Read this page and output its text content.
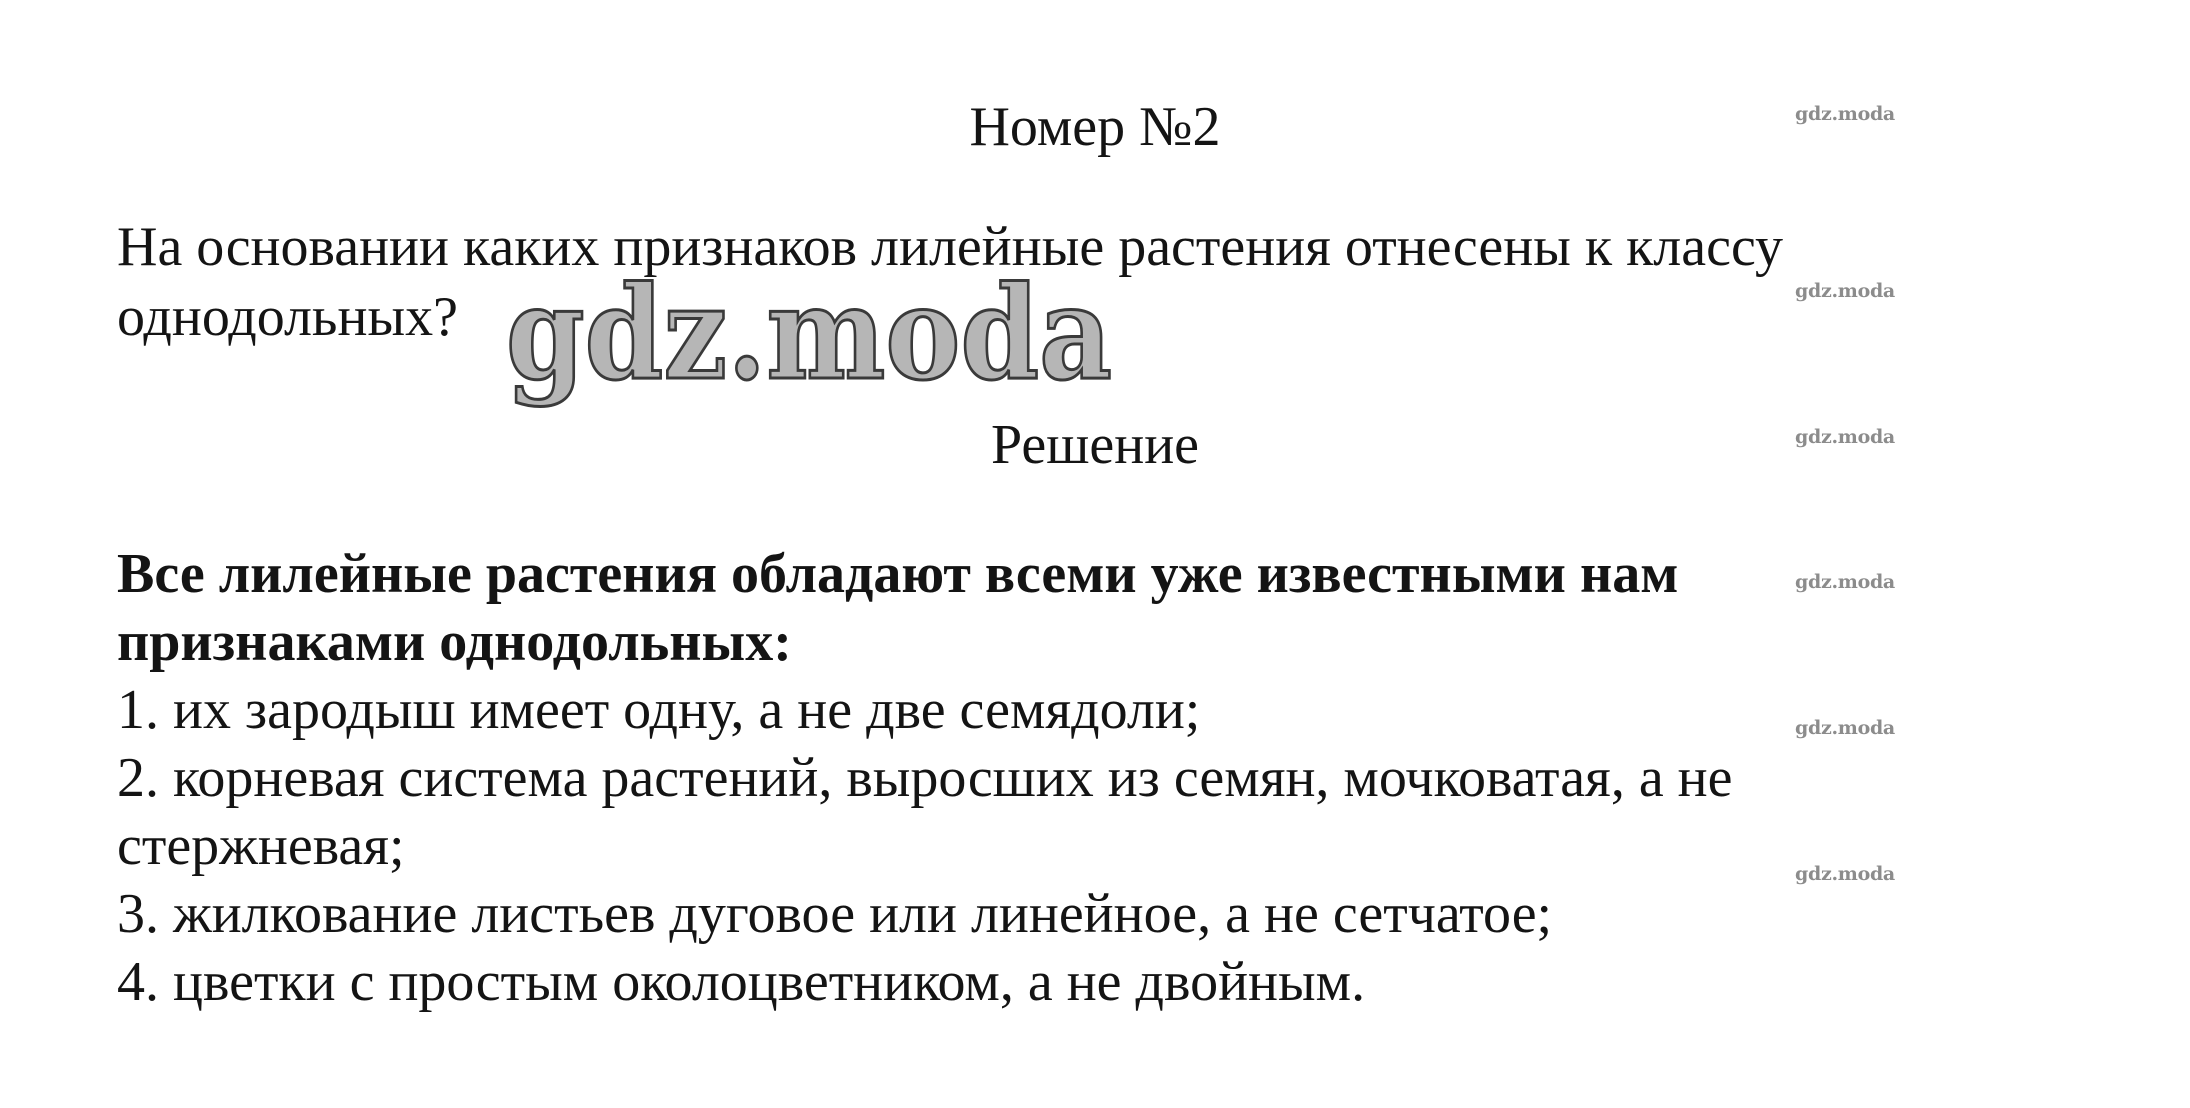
Номер №2
На основании каких признаков лилейные растения отнесены к классу
однодольных? gdz.moda
Решение
Все лилейные растения обладают всеми уже известными нам
признаками однодольных:
1. их зародыш имеет одну, а не две семядоли;
2. корневая система растений, выросших из семян, мочковатая, а не
стержневая;
3. жилкование листьев дуговое или линейное, а не сетчатое;
4. цветки с простым околоцветником, а не двойным.
gdz.moda
gdz.moda
gdz.moda
gdz.moda
gdz.moda
gdz.moda
